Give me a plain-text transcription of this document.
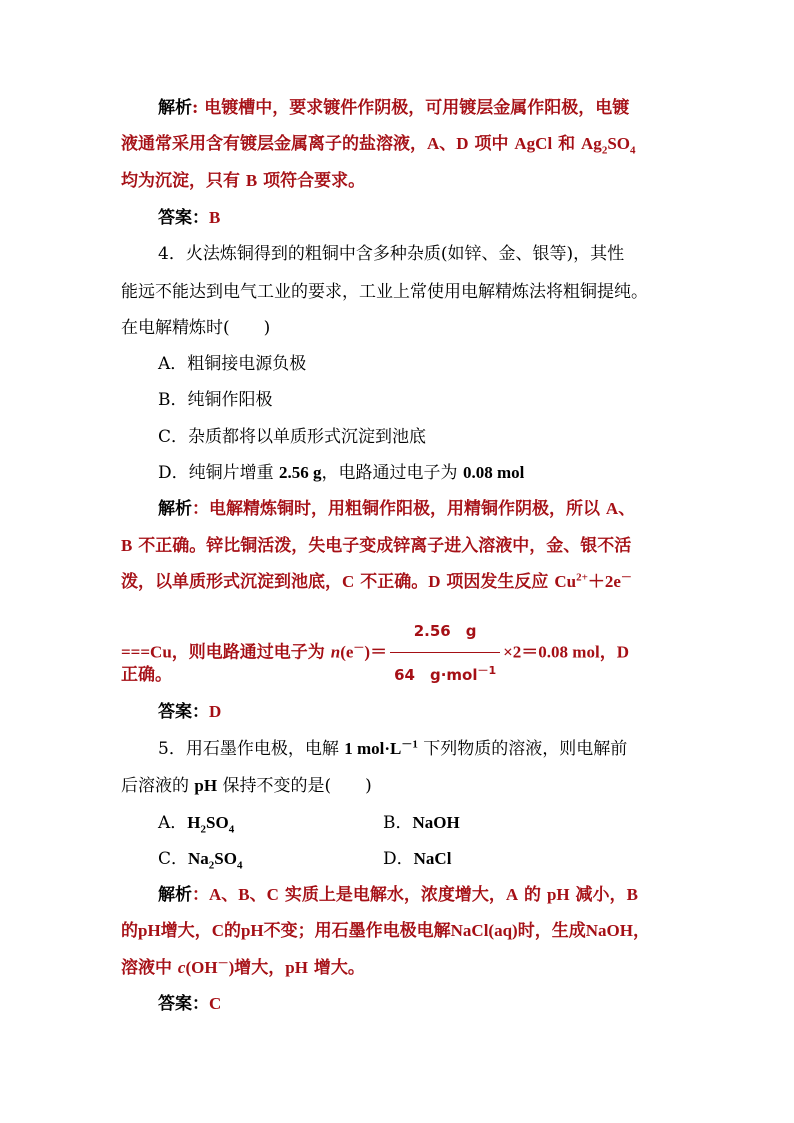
解析: 电镀槽中，要求镀件作阴极，可用镀层金属作阳极，电镀
液通常采用含有镀层金属离子的盐溶液，A、D 项中 AgCl 和 $Ag_2SO_4$
均为沉淀，只有 B 项符合要求。
答案：B
4．火法炼铜得到的粗铜中含多种杂质(如锌、金、银等)，其性
能远不能达到电气工业的要求，工业上常使用电解精炼法将粗铜提纯。
在电解精炼时(　　)
A．粗铜接电源负极
B．纯铜作阳极
C．杂质都将以单质形式沉淀到池底
D．纯铜片增重 2.56 g，电路通过电子为 0.08 mol
解析：电解精炼铜时，用粗铜作阳极，用精铜作阴极，所以 A、
B 不正确。锌比铜活泼，失电子变成锌离子进入溶液中，金、银不活
泼，以单质形式沉淀到池底，C 不正确。D 项因发生反应 $Cu^{2+}+2e^-$
===Cu，则电路通过电子为 $n(e^-)= \frac{2.56 g}{64 g\cdot mol^{-1}} \times 2=0.08$ mol，D
正确。
答案：D
5．用石墨作电极，电解 1 $mol\cdot L^{-1}$ 下列物质的溶液，则电解前
后溶液的 pH 保持不变的是(　　)
A．$H_2SO_4$	B．NaOH
C．$Na_2SO_4$	D．NaCl
解析：A、B、C 实质上是电解水，浓度增大，A 的 pH 减小，B
的pH增大，C的pH不变；用石墨作电极电解NaCl(aq)时，生成NaOH，
溶液中 c(OH－)增大，pH 增大。
答案：C
